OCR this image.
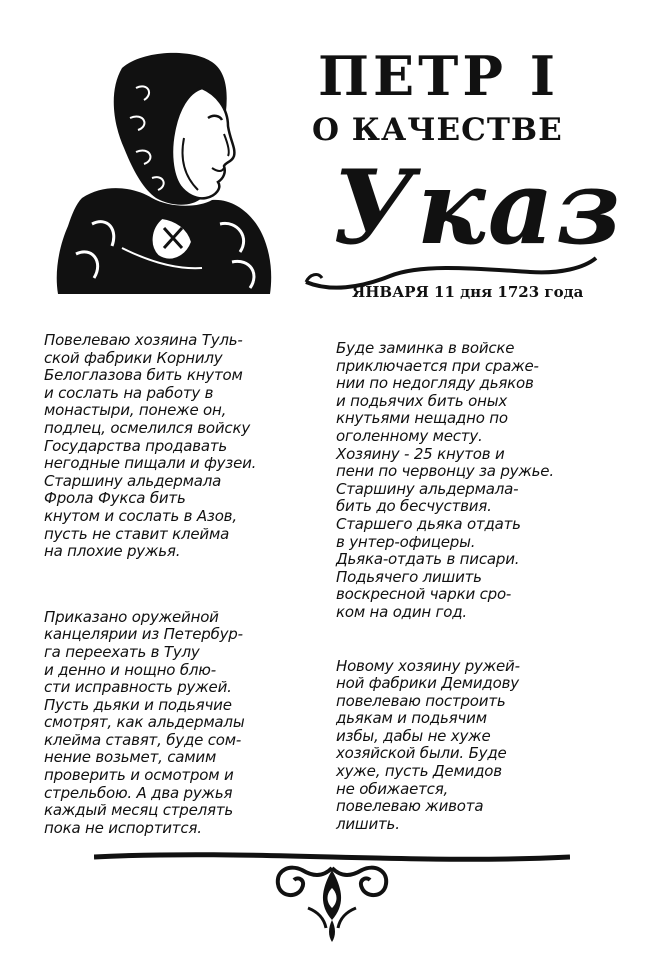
ПЕТР I
О КАЧЕСТВЕ
Указ
ЯНВАРЯ 11 дня 1723 года

Повелеваю хозяина Туль-
ской фабрики Корнилу
Белоглазова бить кнутом
и сослать на работу в
монастыри, понеже он,
подлец, осмелился войску
Государства продавать
негодные пищали и фузеи.
Старшину альдермала
Фрола Фукса бить
кнутом и сослать в Азов,
пусть не ставит клейма
на плохие ружья.

Приказано оружейной
канцелярии из Петербур-
га переехать в Тулу
и денно и нощно блю-
сти исправность ружей.
Пусть дьяки и подьячие
смотрят, как альдермалы
клейма ставят, буде сом-
нение возьмет, самим
проверить и осмотром и
стрельбою. А два ружья
каждый месяц стрелять
пока не испортится.

Буде заминка в войске
приключается при сраже-
нии по недогляду дьяков
и подьячих бить оных
кнутьями нещадно по
оголенному месту.
Хозяину - 25 кнутов и
пени по червонцу за ружье.
Старшину альдермала-
бить до бесчуствия.
Старшего дьяка отдать
в унтер-офицеры.
Дьяка-отдать в писари.
Подьячего лишить
воскресной чарки сро-
ком на один год.

Новому хозяину ружей-
ной фабрики Демидову
повелеваю построить
дьякам и подьячим
избы, дабы не хуже
хозяйской были. Буде
хуже, пусть Демидов
не обижается,
повелеваю живота
лишить.
